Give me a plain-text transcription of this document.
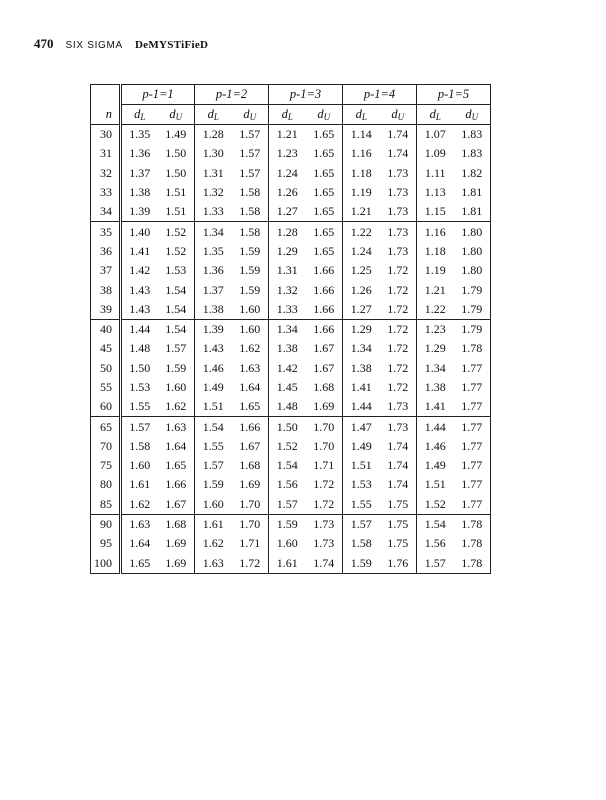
470 SIX SIGMA DeMYSTiFieD
	p-1=1		p-1=2		p-1=3		p-1=4		p-1=5	
n	$d_L$	$d_U$	$d_L$	$d_U$	$d_L$	$d_U$	$d_L$	$d_U$	$d_L$	$d_U$
30	1.35	1.49	1.28	1.57	1.21	1.65	1.14	1.74	1.07	1.83
31	1.36	1.50	1.30	1.57	1.23	1.65	1.16	1.74	1.09	1.83
32	1.37	1.50	1.31	1.57	1.24	1.65	1.18	1.73	1.11	1.82
33	1.38	1.51	1.32	1.58	1.26	1.65	1.19	1.73	1.13	1.81
34	1.39	1.51	1.33	1.58	1.27	1.65	1.21	1.73	1.15	1.81
35	1.40	1.52	1.34	1.58	1.28	1.65	1.22	1.73	1.16	1.80
36	1.41	1.52	1.35	1.59	1.29	1.65	1.24	1.73	1.18	1.80
37	1.42	1.53	1.36	1.59	1.31	1.66	1.25	1.72	1.19	1.80
38	1.43	1.54	1.37	1.59	1.32	1.66	1.26	1.72	1.21	1.79
39	1.43	1.54	1.38	1.60	1.33	1.66	1.27	1.72	1.22	1.79
40	1.44	1.54	1.39	1.60	1.34	1.66	1.29	1.72	1.23	1.79
45	1.48	1.57	1.43	1.62	1.38	1.67	1.34	1.72	1.29	1.78
50	1.50	1.59	1.46	1.63	1.42	1.67	1.38	1.72	1.34	1.77
55	1.53	1.60	1.49	1.64	1.45	1.68	1.41	1.72	1.38	1.77
60	1.55	1.62	1.51	1.65	1.48	1.69	1.44	1.73	1.41	1.77
65	1.57	1.63	1.54	1.66	1.50	1.70	1.47	1.73	1.44	1.77
70	1.58	1.64	1.55	1.67	1.52	1.70	1.49	1.74	1.46	1.77
75	1.60	1.65	1.57	1.68	1.54	1.71	1.51	1.74	1.49	1.77
80	1.61	1.66	1.59	1.69	1.56	1.72	1.53	1.74	1.51	1.77
85	1.62	1.67	1.60	1.70	1.57	1.72	1.55	1.75	1.52	1.77
90	1.63	1.68	1.61	1.70	1.59	1.73	1.57	1.75	1.54	1.78
95	1.64	1.69	1.62	1.71	1.60	1.73	1.58	1.75	1.56	1.78
100	1.65	1.69	1.63	1.72	1.61	1.74	1.59	1.76	1.57	1.78
